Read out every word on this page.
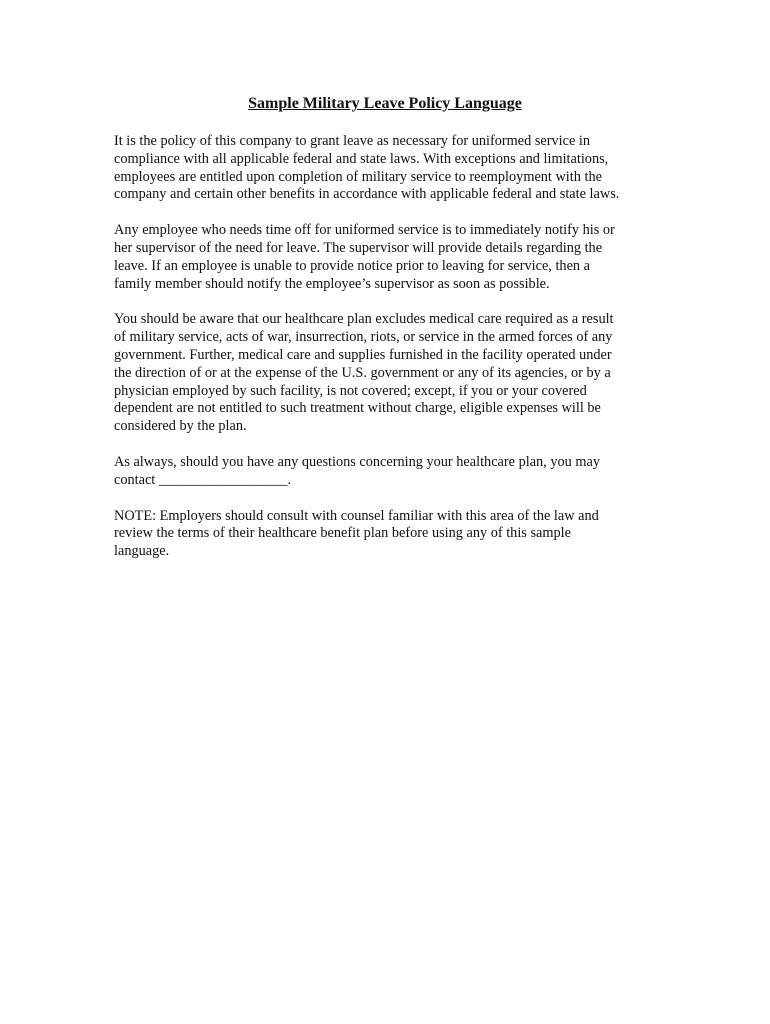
Sample Military Leave Policy Language
It is the policy of this company to grant leave as necessary for uniformed service in
compliance with all applicable federal and state laws. With exceptions and limitations,
employees are entitled upon completion of military service to reemployment with the
company and certain other benefits in accordance with applicable federal and state laws.
Any employee who needs time off for uniformed service is to immediately notify his or
her supervisor of the need for leave. The supervisor will provide details regarding the
leave. If an employee is unable to provide notice prior to leaving for service, then a
family member should notify the employee’s supervisor as soon as possible.
You should be aware that our healthcare plan excludes medical care required as a result
of military service, acts of war, insurrection, riots, or service in the armed forces of any
government. Further, medical care and supplies furnished in the facility operated under
the direction of or at the expense of the U.S. government or any of its agencies, or by a
physician employed by such facility, is not covered; except, if you or your covered
dependent are not entitled to such treatment without charge, eligible expenses will be
considered by the plan.
As always, should you have any questions concerning your healthcare plan, you may
contact __________________.
NOTE: Employers should consult with counsel familiar with this area of the law and
review the terms of their healthcare benefit plan before using any of this sample
language.
